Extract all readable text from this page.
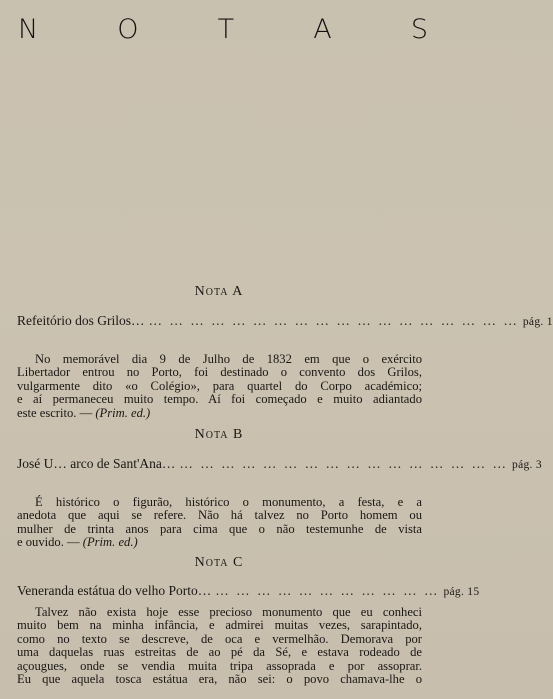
N	O	T	A	S
Nota A
Refeitório dos Grilos… … … … … … … … … … … … … … … … … … … pág. 1

No memorável dia 9 de Julho de 1832 em que o exército
Libertador entrou no Porto, foi destinado o convento dos Grilos,
vulgarmente dito «o Colégio», para quartel do Corpo académico;
e aí permaneceu muito tempo. Aí foi começado e muito adiantado
este escrito. — (Prim. ed.)

Nota B
José U… arco de Sant'Ana… … … … … … … … … … … … … … … … … pág. 3

É histórico o figurão, histórico o monumento, a festa, e a
anedota que aqui se refere. Não há talvez no Porto homem ou
mulher de trinta anos para cima que o não testemunhe de vista
e ouvido. — (Prim. ed.)

Nota C
Veneranda estátua do velho Porto… … … … … … … … … … … … pág. 15

Talvez não exista hoje esse precioso monumento que eu conheci
muito bem na minha infância, e admirei muitas vezes, sarapintado,
como no texto se descreve, de oca e vermelhão. Demorava por
uma daquelas ruas estreitas de ao pé da Sé, e estava rodeado de
açougues, onde se vendia muita tripa assoprada e por assoprar.
Eu que aquela tosca estátua era, não sei: o povo chamava-lhe o
